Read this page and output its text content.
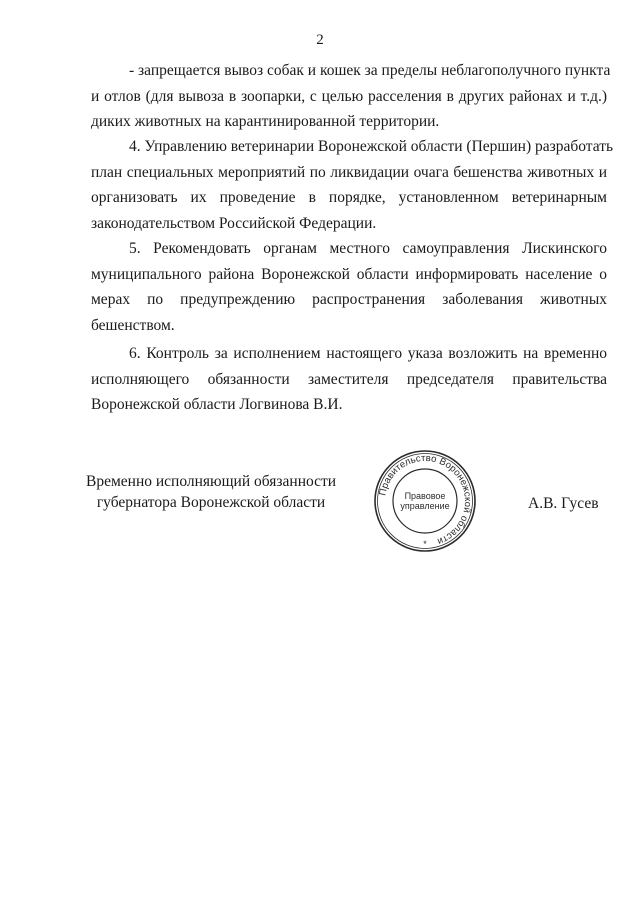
2
- запрещается вывоз собак и кошек за пределы неблагополучного пункта
и отлов (для вывоза в зоопарки, с целью расселения в других районах и т.д.)
диких животных на карантинированной территории.
4. Управлению ветеринарии Воронежской области (Першин) разработать
план специальных мероприятий по ликвидации очага бешенства животных и
организовать их проведение в порядке, установленном ветеринарным
законодательством Российской Федерации.
5. Рекомендовать органам местного самоуправления Лискинского
муниципального района Воронежской области информировать население о
мерах по предупреждению распространения заболевания животных
бешенством.
6. Контроль за исполнением настоящего указа возложить на временно
исполняющего обязанности заместителя председателя правительства
Воронежской области Логвинова В.И.
Временно исполняющий обязанности
губернатора Воронежской области
Правительство Воронежской области
Правовое
управление
*
А.В. Гусев
